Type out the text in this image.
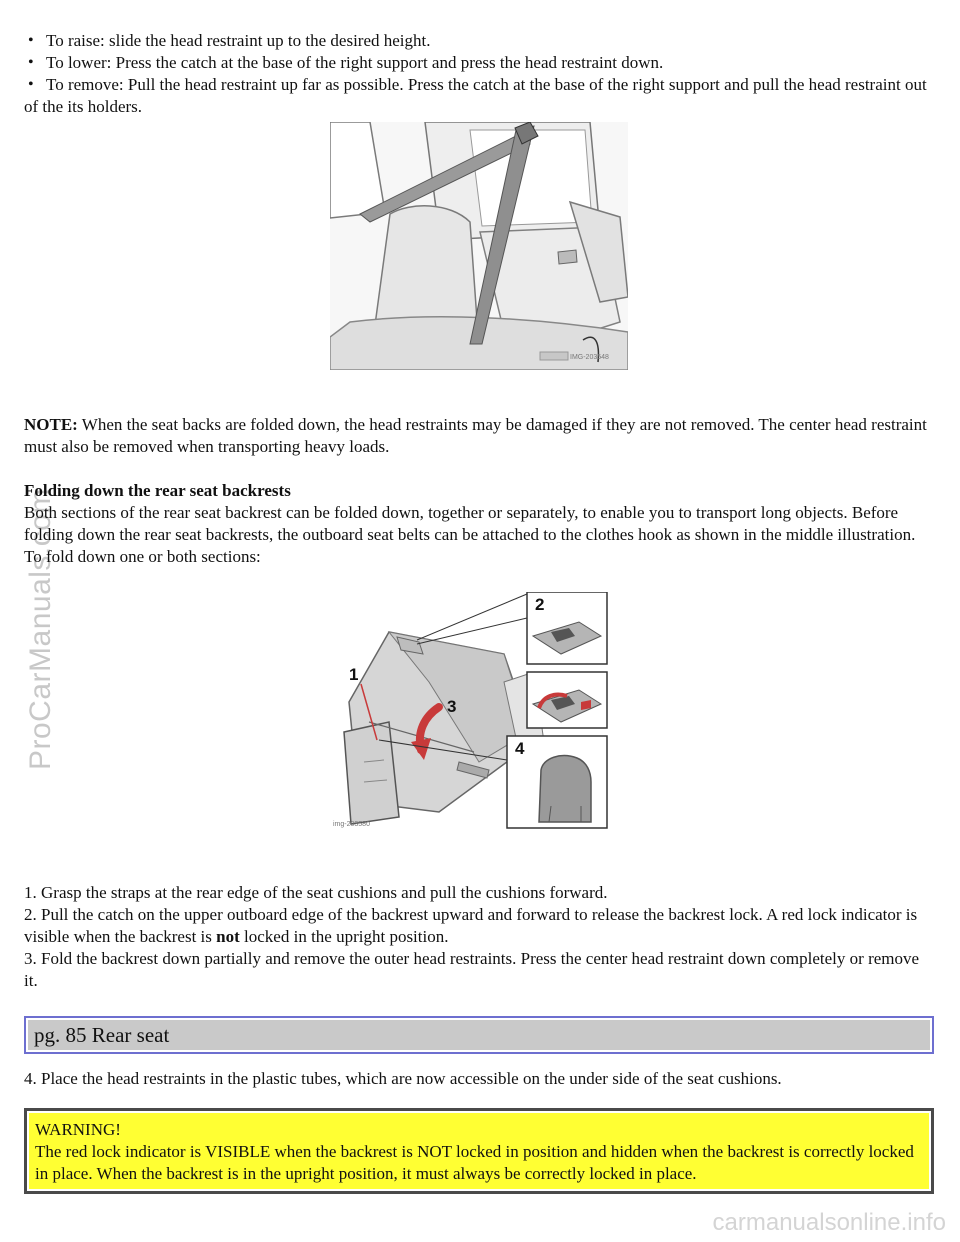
ProCarManuals.com
• To raise: slide the head restraint up to the desired height.
• To lower: Press the catch at the base of the right support and press the head restraint down.
• To remove: Pull the head restraint up far as possible. Press the catch at the base of the right support and pull the head restraint out of the its holders.
IMG-203548

NOTE: When the seat backs are folded down, the head restraints may be damaged if they are not removed. The center head restraint must also be removed when transporting heavy loads.

Folding down the rear seat backrests

Both sections of the rear seat backrest can be folded down, together or separately, to enable you to transport long objects. Before folding down the rear seat backrests, the outboard seat belts can be attached to the clothes hook as shown in the middle illustration. To fold down one or both sections:

3
1
2
4
img-203580

1. Grasp the straps at the rear edge of the seat cushions and pull the cushions forward.

2. Pull the catch on the upper outboard edge of the backrest upward and forward to release the backrest lock. A red lock indicator is visible when the backrest is not locked in the upright position.

3. Fold the backrest down partially and remove the outer head restraints. Press the center head restraint down completely or remove it.

pg. 85 Rear seat

4. Place the head restraints in the plastic tubes, which are now accessible on the under side of the seat cushions.

WARNING!

The red lock indicator is VISIBLE when the backrest is NOT locked in position and hidden when the backrest is correctly locked in place. When the backrest is in the upright position, it must always be correctly locked in place.

carmanualsonline.info
